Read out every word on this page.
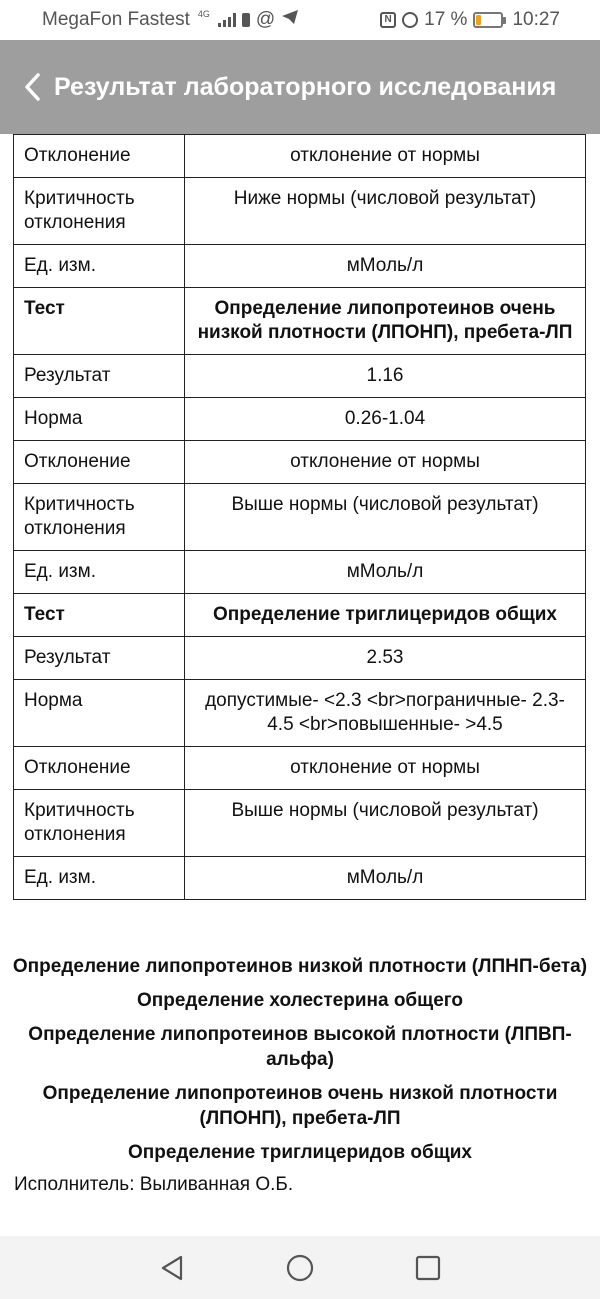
MegaFon Fastest 4G @	N 17 % 10:27
Результат лабораторного исследования
Отклонение	отклонение от нормы
Критичность отклонения	Ниже нормы (числовой результат)
Ед. изм.	мМоль/л
Тест	Определение липопротеинов очень низкой плотности (ЛПОНП), пребета-ЛП
Результат	1.16
Норма	0.26-1.04
Отклонение	отклонение от нормы
Критичность отклонения	Выше нормы (числовой результат)
Ед. изм.	мМоль/л
Тест	Определение триглицеридов общих
Результат	2.53
Норма	допустимые- <2.3 <br>пограничные- 2.3-4.5 <br>повышенные- >4.5
Отклонение	отклонение от нормы
Критичность отклонения	Выше нормы (числовой результат)
Ед. изм.	мМоль/л
Определение липопротеинов низкой плотности (ЛПНП-бета)
Определение холестерина общего
Определение липопротеинов высокой плотности (ЛПВП-альфа)
Определение липопротеинов очень низкой плотности (ЛПОНП), пребета-ЛП
Определение триглицеридов общих
Исполнитель: Выливанная О.Б.
